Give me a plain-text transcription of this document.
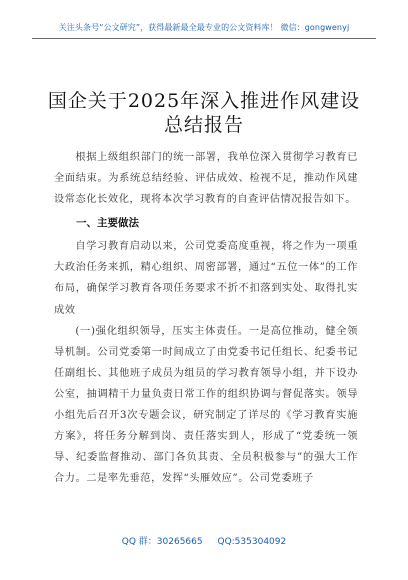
关注头条号“公文研究”，获得最新最全最专业的公文资料库！ 微信：gongwenyj
国企关于2025年深入推进作风建设
总结报告

根据上级组织部门的统一部署，我单位深入贯彻学习教育已全面结束。为系统总结经验、评估成效、检视不足，推动作风建设常态化长效化，现将本次学习教育的自查评估情况报告如下。

一、主要做法

自学习教育启动以来，公司党委高度重视，将之作为一项重大政治任务来抓，精心组织、周密部署，通过“五位一体”的工作布局，确保学习教育各项任务要求不折不扣落到实处、取得扎实成效

(一)强化组织领导，压实主体责任。一是高位推动，健全领导机制。公司党委第一时间成立了由党委书记任组长、纪委书记任副组长、其他班子成员为组员的学习教育领导小组，并下设办公室，抽调精干力量负责日常工作的组织协调与督促落实。领导小组先后召开3次专题会议，研究制定了详尽的《学习教育实施方案》，将任务分解到岗、责任落实到人，形成了“党委统一领导、纪委监督推动、部门各负其责、全员积极参与”的强大工作合力。二是率先垂范，发挥“头雁效应”。公司党委班子

QQ 群：30265665 QQ:535304092
